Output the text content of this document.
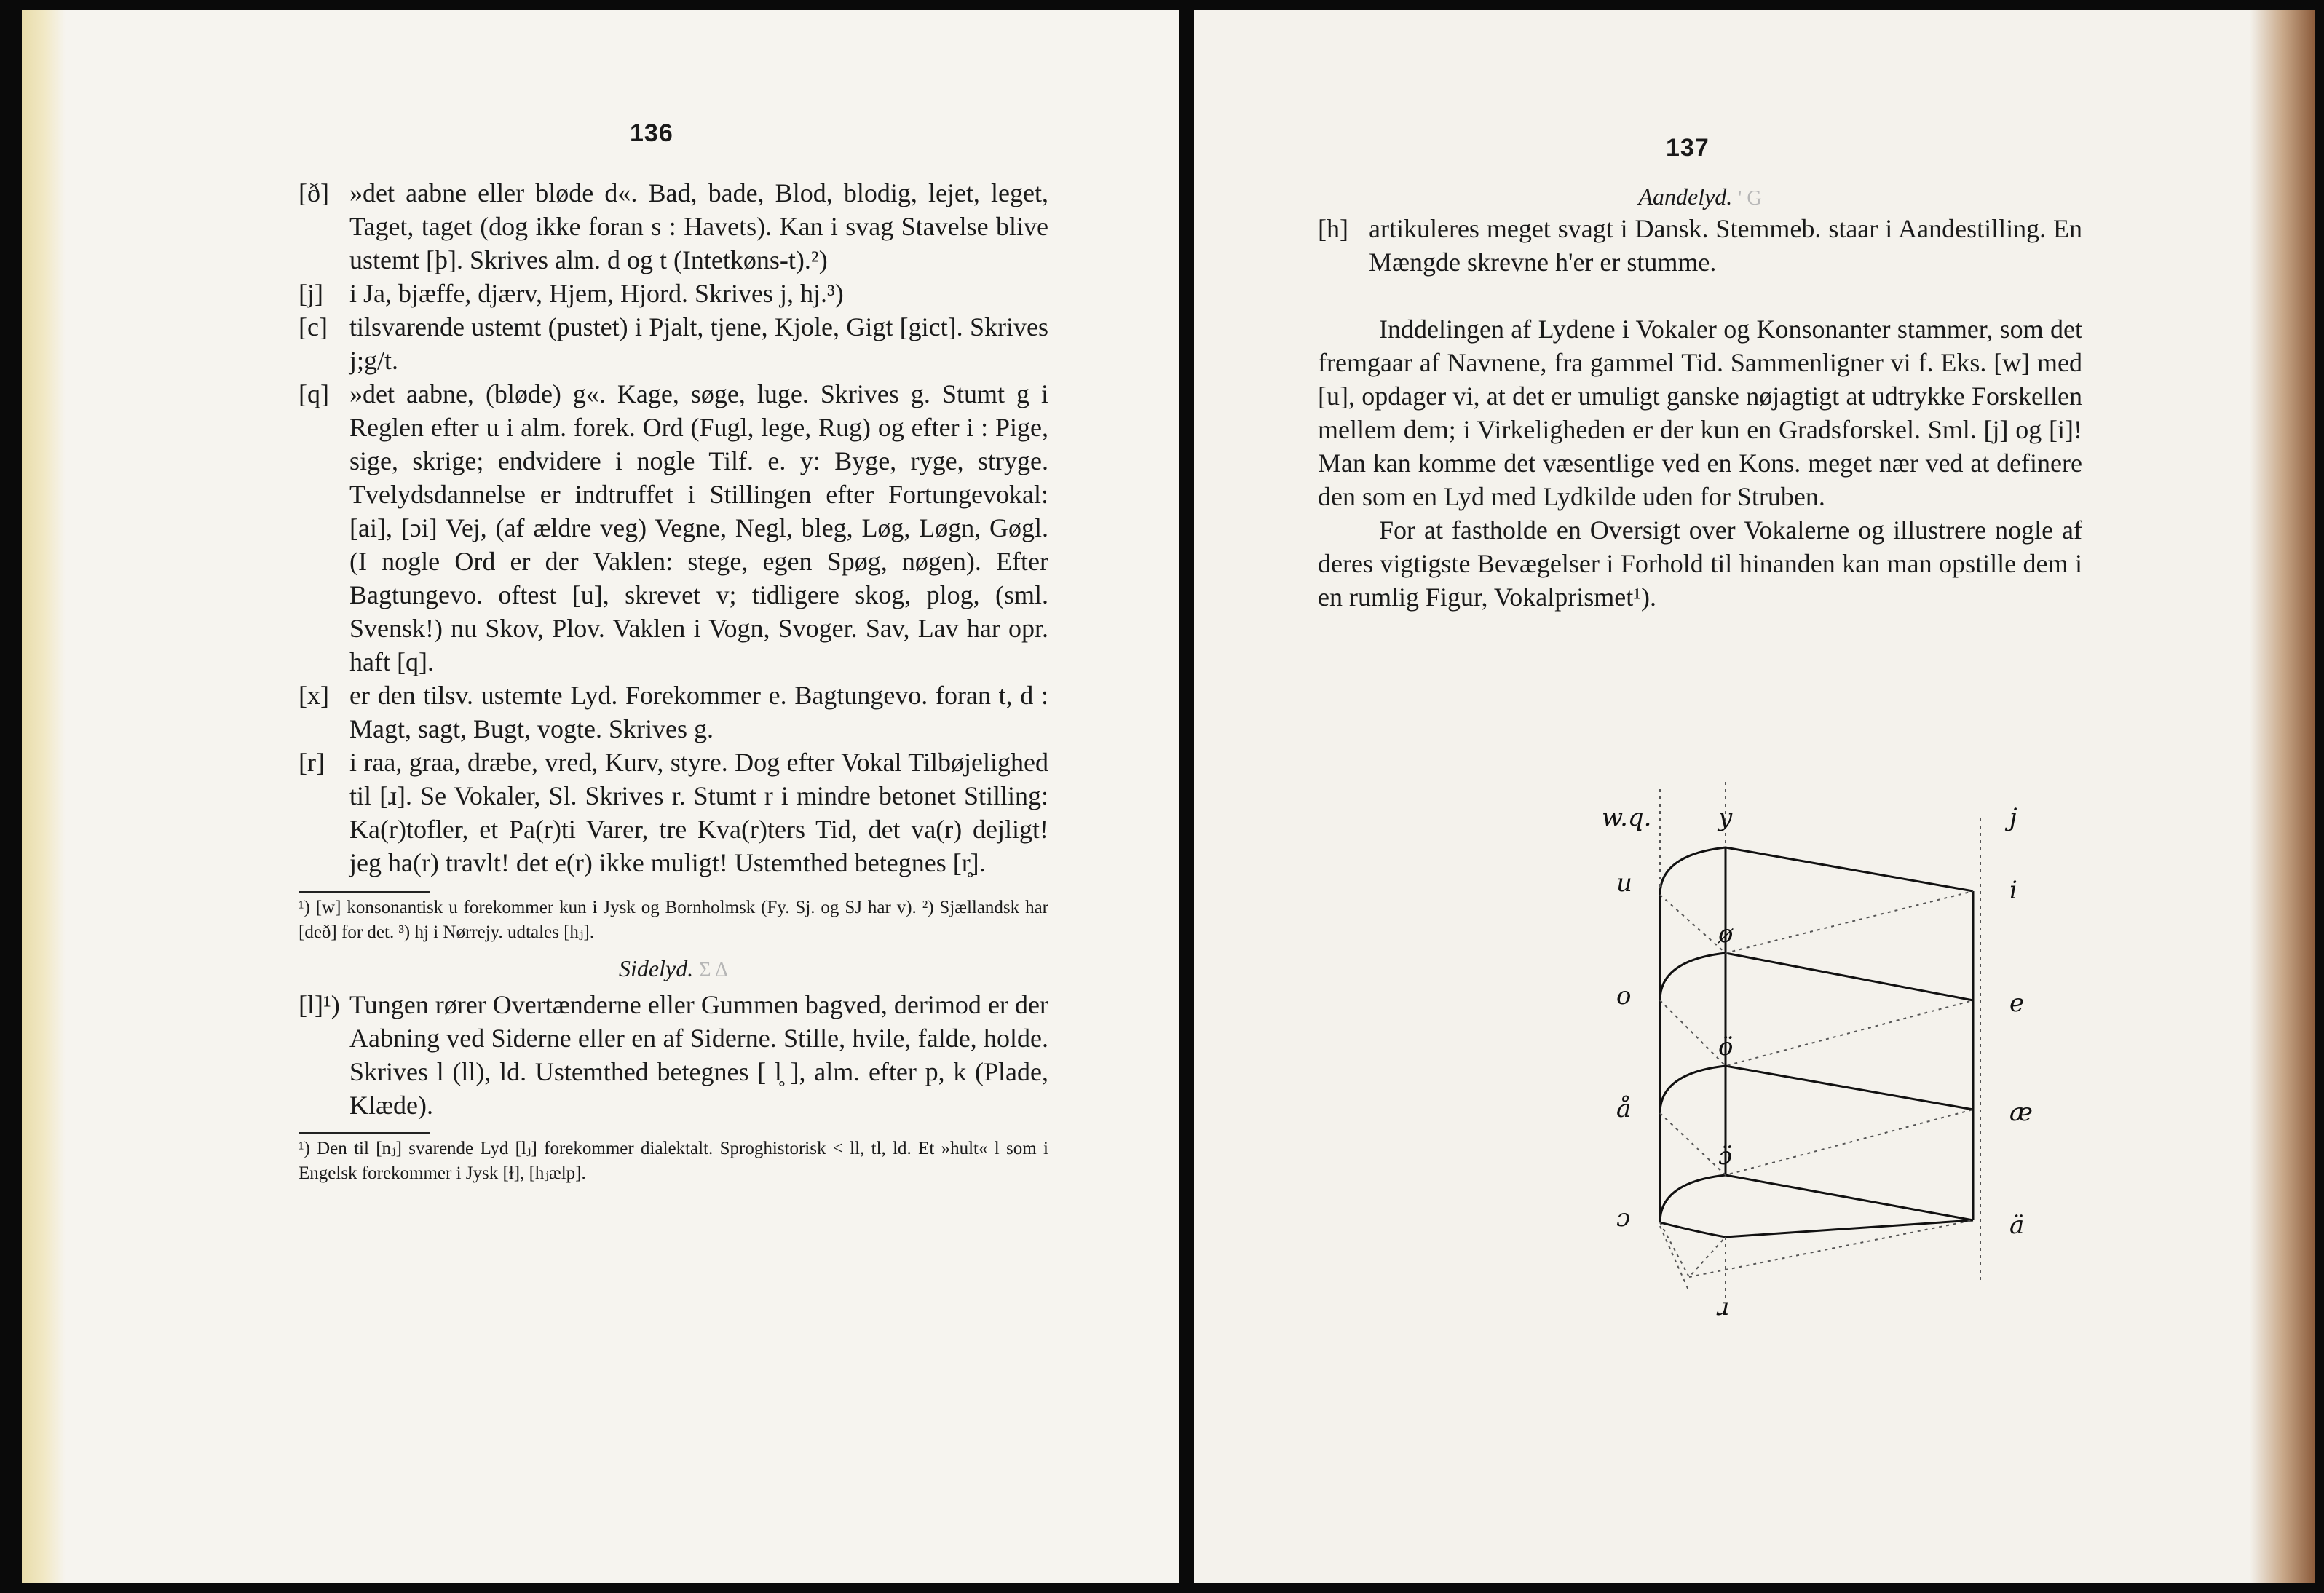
136
[ð] »det aabne eller bløde d«. Bad, bade, Blod, blodig, lejet, leget, Taget, taget (dog ikke foran s : Havets). Kan i svag Stavelse blive ustemt [þ]. Skrives alm. d og t (Intetkøns-t).²)
[j] i Ja, bjæffe, djærv, Hjem, Hjord. Skrives j, hj.³)
[c] tilsvarende ustemt (pustet) i Pjalt, tjene, Kjole, Gigt [gict]. Skrives j;g/t.
[q] »det aabne, (bløde) g«. Kage, søge, luge. Skrives g. Stumt g i Reglen efter u i alm. forek. Ord (Fugl, lege, Rug) og efter i : Pige, sige, skrige; endvidere i nogle Tilf. e. y: Byge, ryge, stryge. Tvelydsdannelse er indtruffet i Stillingen efter Fortungevokal: [ai], [ɔi] Vej, (af ældre veg) Vegne, Negl, bleg, Løg, Løgn, Gøgl. (I nogle Ord er der Vaklen: stege, egen Spøg, nøgen). Efter Bagtungevo. oftest [u], skrevet v; tidligere skog, plog, (sml. Svensk!) nu Skov, Plov. Vaklen i Vogn, Svoger. Sav, Lav har opr. haft [q].
[x] er den tilsv. ustemte Lyd. Forekommer e. Bagtungevo. foran t, d : Magt, sagt, Bugt, vogte. Skrives g.
[r] i raa, graa, dræbe, vred, Kurv, styre. Dog efter Vokal Tilbøjelighed til [ɹ]. Se Vokaler, Sl. Skrives r. Stumt r i mindre betonet Stilling: Ka(r)tofler, et Pa(r)ti Varer, tre Kva(r)ters Tid, det va(r) dejligt! jeg ha(r) travlt! det e(r) ikke muligt! Ustemthed betegnes [r̥].
¹) [w] konsonantisk u forekommer kun i Jysk og Bornholmsk (Fy. Sj. og SJ har v). ²) Sjællandsk har [deð] for det. ³) hj i Nørrejy. udtales [hⱼ].
Sidelyd. Σ Δ
[l]¹) Tungen rører Overtænderne eller Gummen bagved, derimod er der Aabning ved Siderne eller en af Siderne. Stille, hvile, falde, holde. Skrives l (ll), ld. Ustemthed betegnes [ l̥ ], alm. efter p, k (Plade, Klæde).
¹) Den til [nⱼ] svarende Lyd [lⱼ] forekommer dialektalt. Sproghistorisk < ll, tl, ld. Et »hult« l som i Engelsk forekommer i Jysk [ɫ], [hⱼælp].
137
Aandelyd. ' G
[h] artikuleres meget svagt i Dansk. Stemmeb. staar i Aandestilling. En Mængde skrevne h'er er stumme.

Inddelingen af Lydene i Vokaler og Konsonanter stammer, som det fremgaar af Navnene, fra gammel Tid. Sammenligner vi f. Eks. [w] med [u], opdager vi, at det er umuligt ganske nøjagtigt at udtrykke Forskellen mellem dem; i Virkeligheden er der kun en Gradsforskel. Sml. [j] og [i]! Man kan komme det væsentlige ved en Kons. meget nær ved at definere den som en Lyd med Lydkilde uden for Struben.

For at fastholde en Oversigt over Vokalerne og illustrere nogle af deres vigtigste Bevægelser i Forhold til hinanden kan man opstille dem i en rumlig Figur, Vokalprismet¹).

w.q.
u
o
å
ɔ
y
ø
ö
ɔ̈
ɹ
j
i
e
æ
ä
